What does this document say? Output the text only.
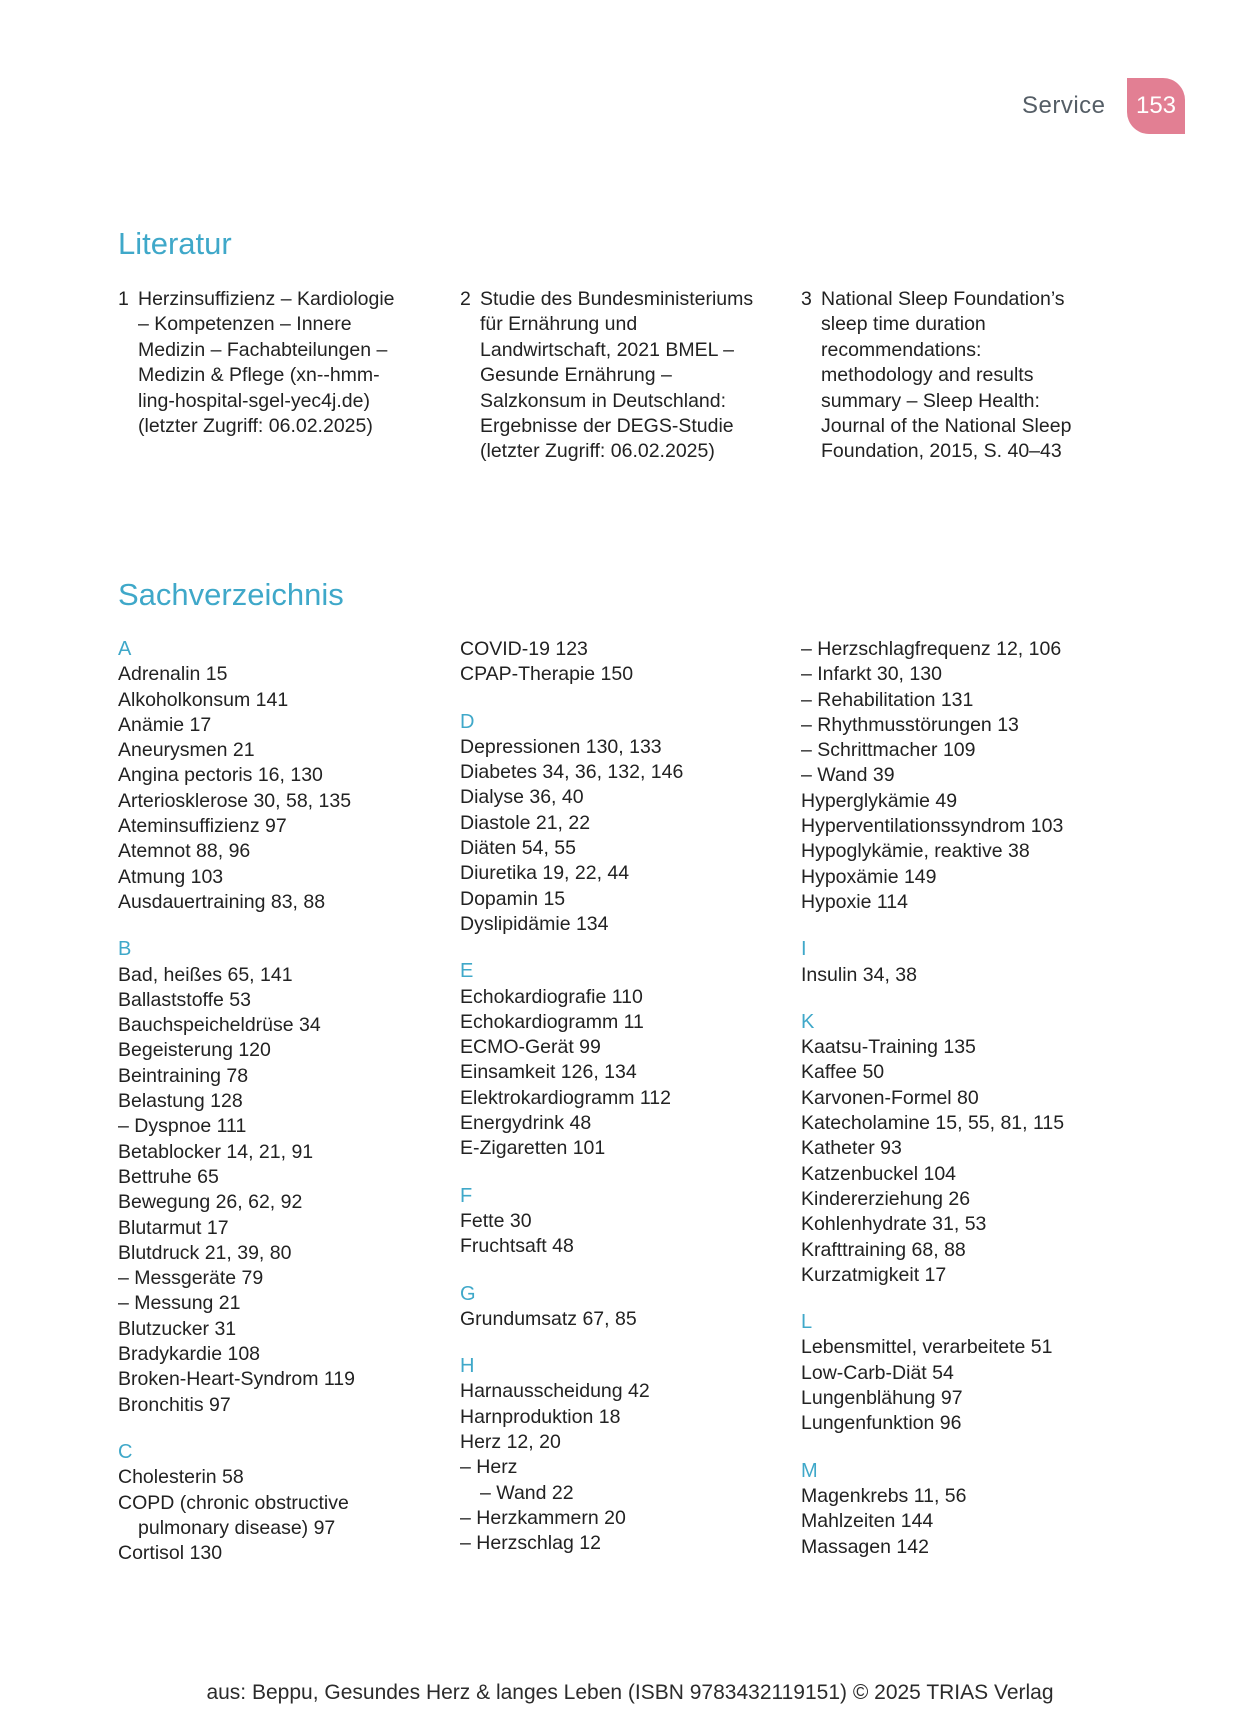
Service	153
Literatur
1 Herzinsuffizienz – Kardiologie – Kompetenzen – Innere Medizin – Fachabteilungen – Medizin & Pflege (xn--hmmling-hospital-sgel-yec4j.de) (letzter Zugriff: 06.02.2025)
2 Studie des Bundesministeriums für Ernährung und Landwirtschaft, 2021 BMEL – Gesunde Ernährung – Salzkonsum in Deutschland: Ergebnisse der DEGS-Studie (letzter Zugriff: 06.02.2025)
3 National Sleep Foundation’s sleep time duration recommendations: methodology and results summary – Sleep Health: Journal of the National Sleep Foundation, 2015, S. 40–43
Sachverzeichnis
A
Adrenalin 15
Alkoholkonsum 141
Anämie 17
Aneurysmen 21
Angina pectoris 16, 130
Arteriosklerose 30, 58, 135
Ateminsuffizienz 97
Atemnot 88, 96
Atmung 103
Ausdauertraining 83, 88
B
Bad, heißes 65, 141
Ballaststoffe 53
Bauchspeicheldrüse 34
Begeisterung 120
Beintraining 78
Belastung 128
– Dyspnoe 111
Betablocker 14, 21, 91
Bettruhe 65
Bewegung 26, 62, 92
Blutarmut 17
Blutdruck 21, 39, 80
– Messgeräte 79
– Messung 21
Blutzucker 31
Bradykardie 108
Broken-Heart-Syndrom 119
Bronchitis 97
C
Cholesterin 58
COPD (chronic obstructive pulmonary disease) 97
Cortisol 130
COVID-19 123
CPAP-Therapie 150
D
Depressionen 130, 133
Diabetes 34, 36, 132, 146
Dialyse 36, 40
Diastole 21, 22
Diäten 54, 55
Diuretika 19, 22, 44
Dopamin 15
Dyslipidämie 134
E
Echokardiografie 110
Echokardiogramm 11
ECMO-Gerät 99
Einsamkeit 126, 134
Elektrokardiogramm 112
Energydrink 48
E-Zigaretten 101
F
Fette 30
Fruchtsaft 48
G
Grundumsatz 67, 85
H
Harnausscheidung 42
Harnproduktion 18
Herz 12, 20
– Herz
– Wand 22
– Herzkammern 20
– Herzschlag 12
– Herzschlagfrequenz 12, 106
– Infarkt 30, 130
– Rehabilitation 131
– Rhythmusstörungen 13
– Schrittmacher 109
– Wand 39
Hyperglykämie 49
Hyperventilationssyndrom 103
Hypoglykämie, reaktive 38
Hypoxämie 149
Hypoxie 114
I
Insulin 34, 38
K
Kaatsu-Training 135
Kaffee 50
Karvonen-Formel 80
Katecholamine 15, 55, 81, 115
Katheter 93
Katzenbuckel 104
Kindererziehung 26
Kohlenhydrate 31, 53
Krafttraining 68, 88
Kurzatmigkeit 17
L
Lebensmittel, verarbeitete 51
Low-Carb-Diät 54
Lungenblähung 97
Lungenfunktion 96
M
Magenkrebs 11, 56
Mahlzeiten 144
Massagen 142
aus: Beppu, Gesundes Herz & langes Leben (ISBN 9783432119151) © 2025 TRIAS Verlag
